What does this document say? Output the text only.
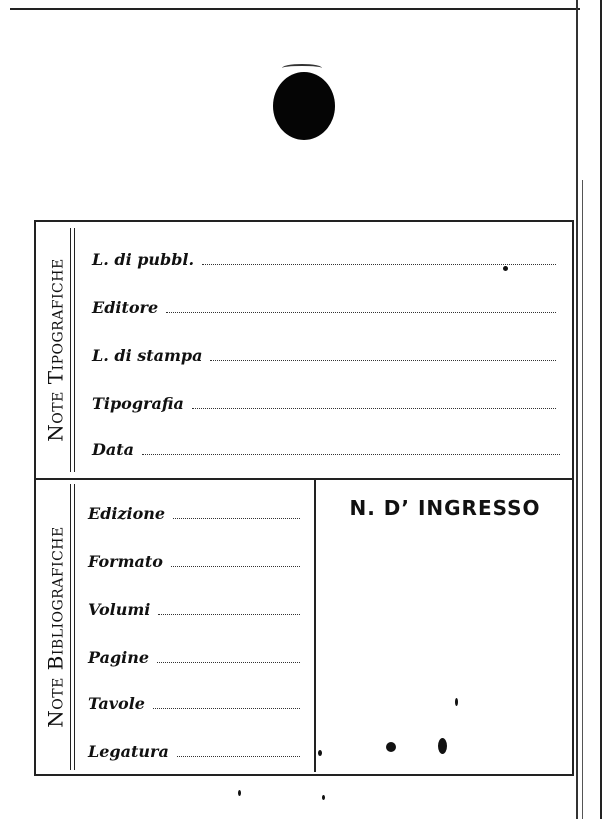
Note Tipografiche L. di pubbl.
Editore
L. di stampa
Tipografia
Data
Note Bibliografiche
Edizione
Formato
Volumi
Pagine
Tavole
Legatura
N. D’ INGRESSO
